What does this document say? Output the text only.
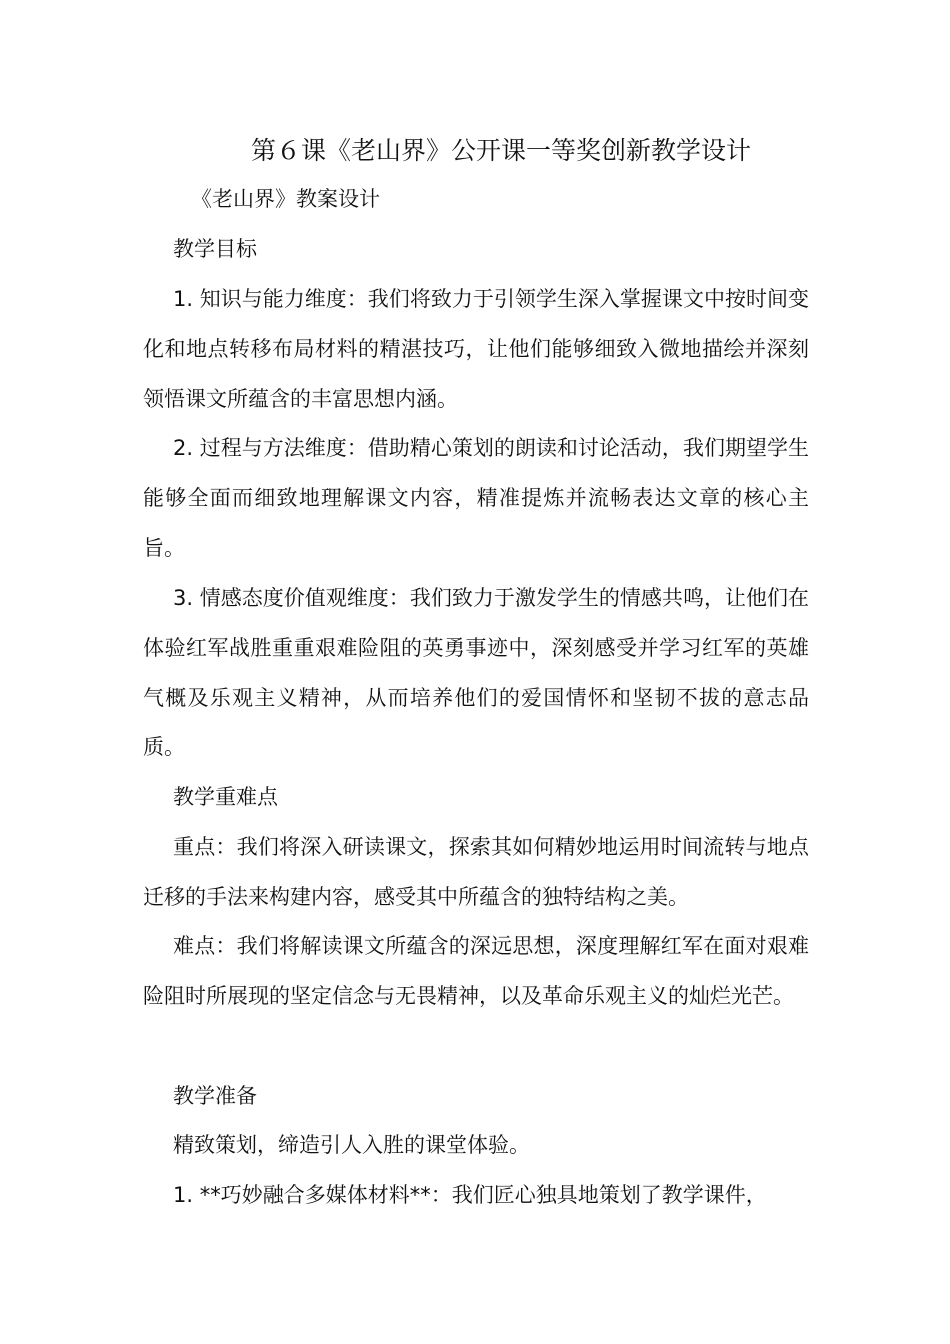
第６课《老山界》公开课一等奖创新教学设计

《老山界》教案设计

教学目标

1. 知识与能力维度：我们将致力于引领学生深入掌握课文中按时间变化和地点转移布局材料的精湛技巧，让他们能够细致入微地描绘并深刻领悟课文所蕴含的丰富思想内涵。

2. 过程与方法维度：借助精心策划的朗读和讨论活动，我们期望学生能够全面而细致地理解课文内容，精准提炼并流畅表达文章的核心主旨。

3. 情感态度价值观维度：我们致力于激发学生的情感共鸣，让他们在体验红军战胜重重艰难险阻的英勇事迹中，深刻感受并学习红军的英雄气概及乐观主义精神，从而培养他们的爱国情怀和坚韧不拔的意志品质。

教学重难点

重点：我们将深入研读课文，探索其如何精妙地运用时间流转与地点迁移的手法来构建内容，感受其中所蕴含的独特结构之美。

难点：我们将解读课文所蕴含的深远思想，深度理解红军在面对艰难险阻时所展现的坚定信念与无畏精神，以及革命乐观主义的灿烂光芒。

教学准备

精致策划，缔造引人入胜的课堂体验。

1. **巧妙融合多媒体材料**：我们匠心独具地策划了教学课件，
